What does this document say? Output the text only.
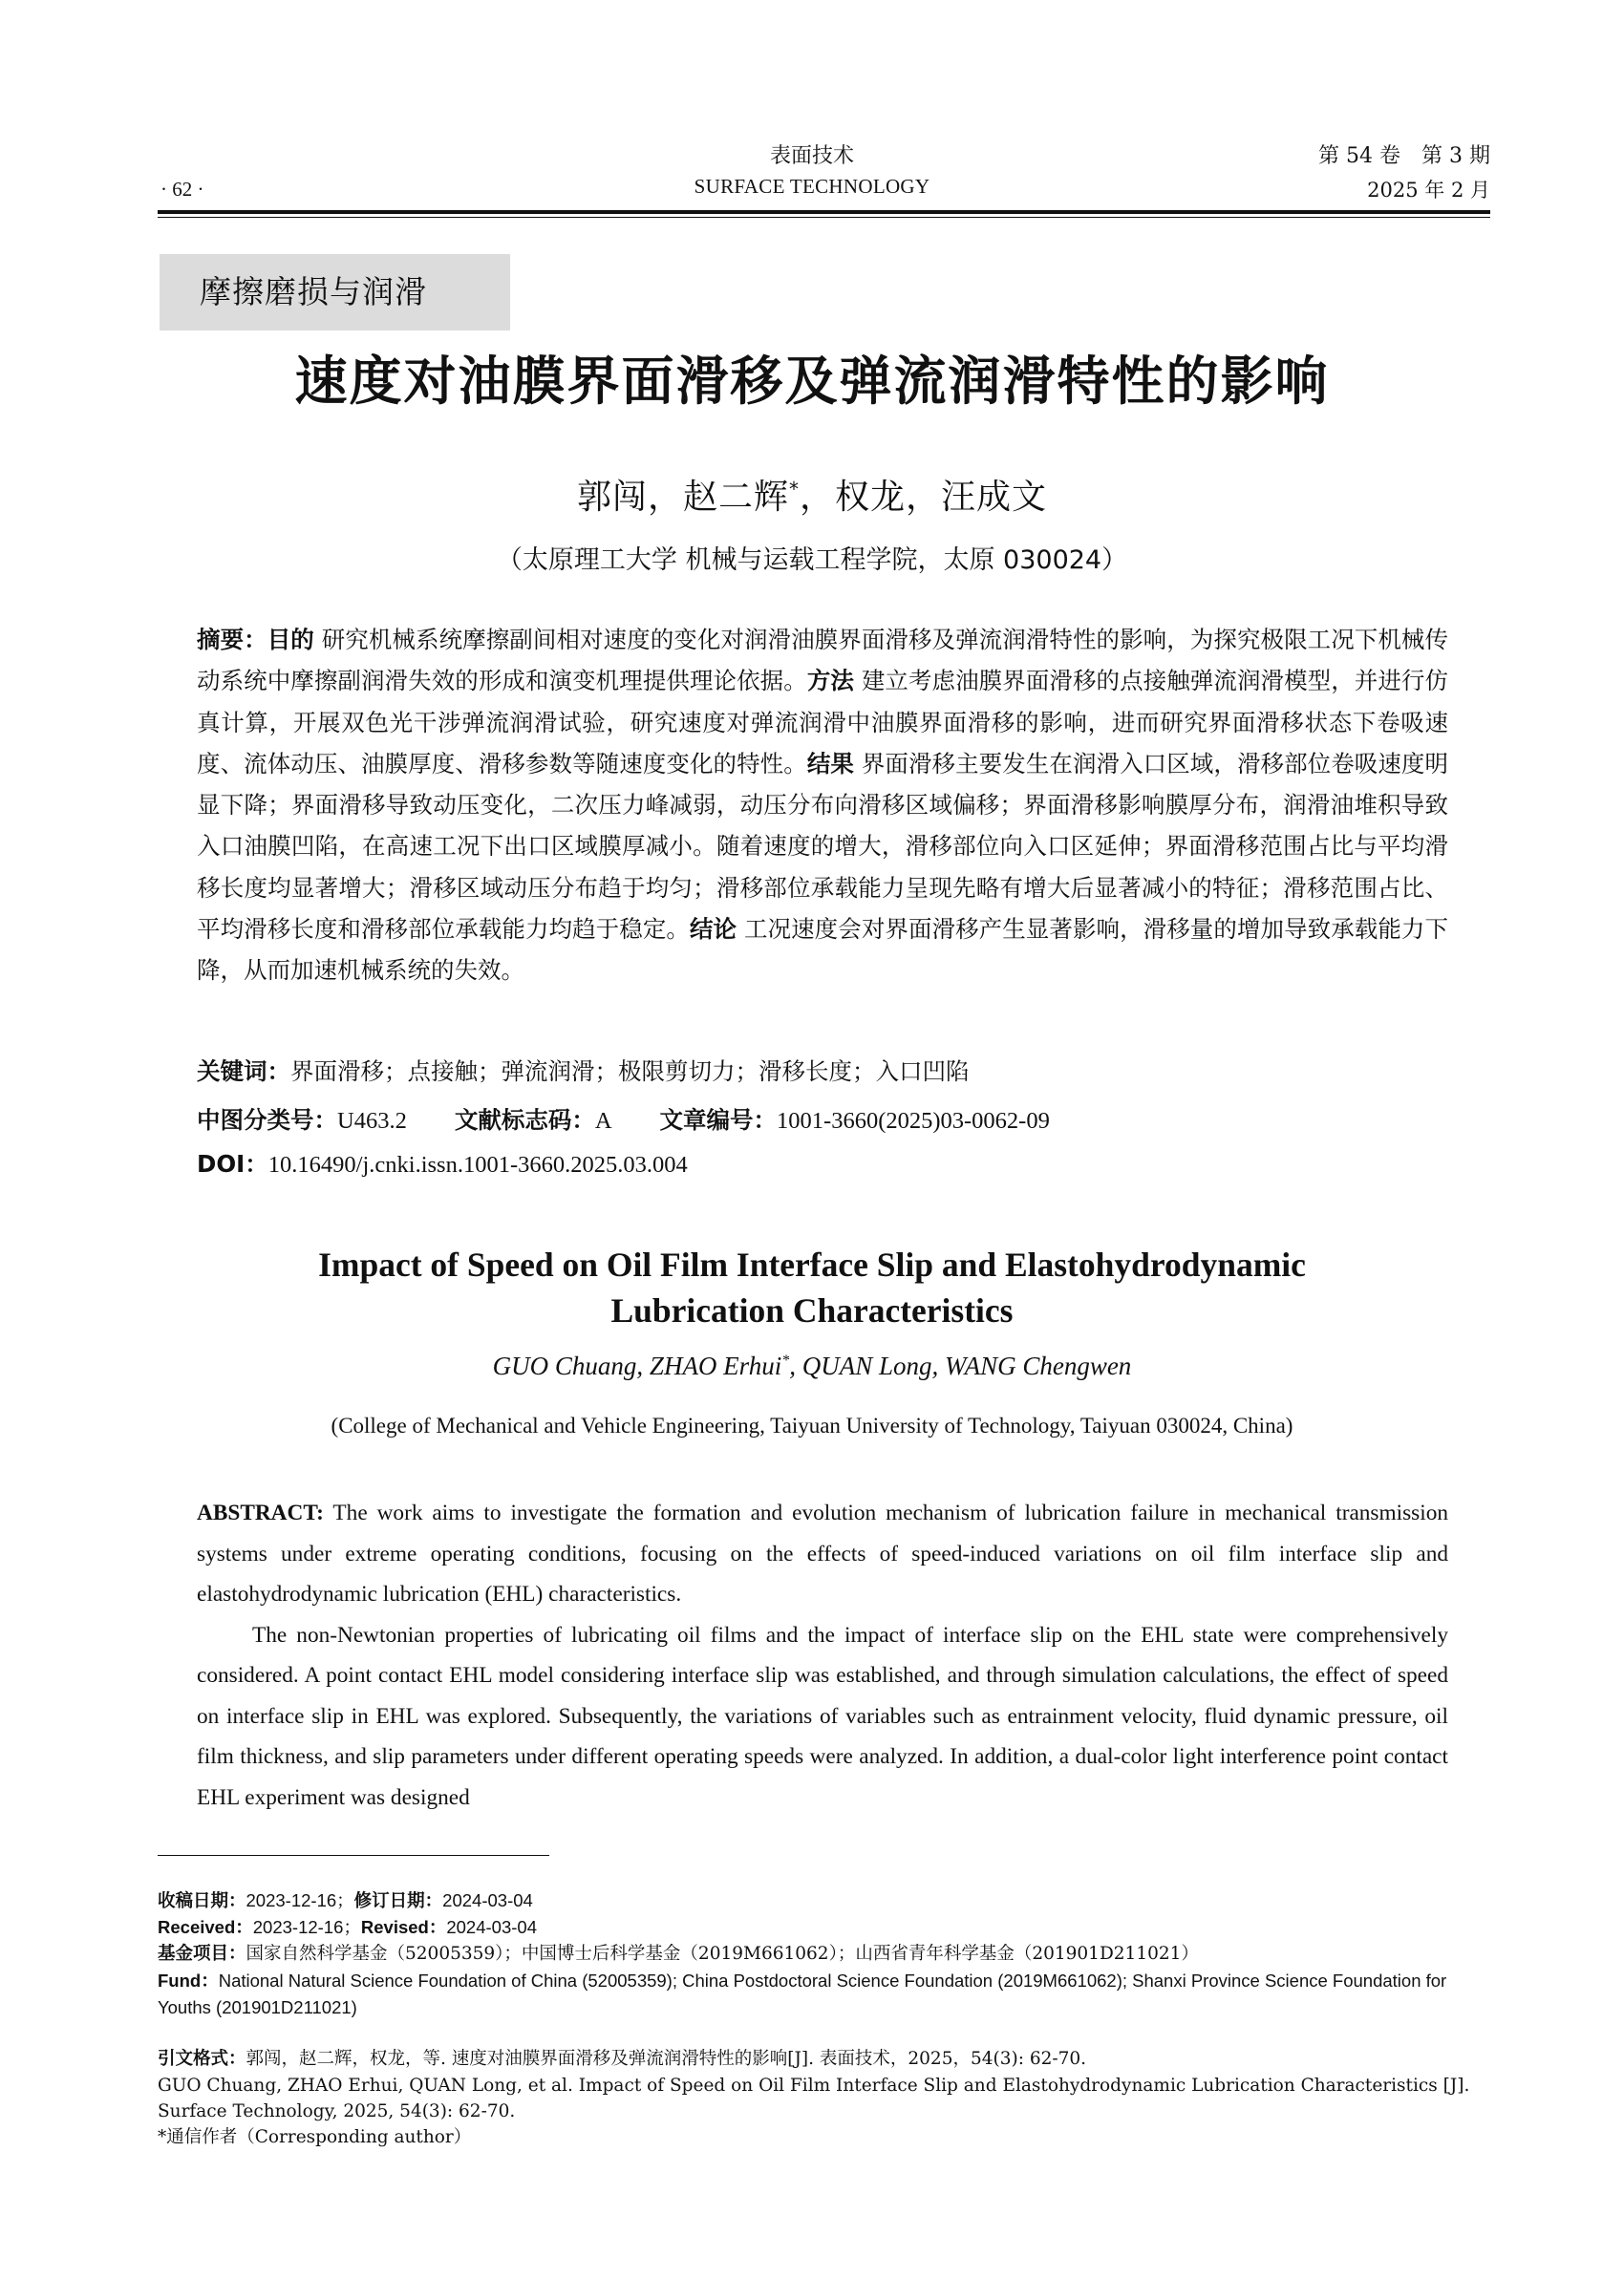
· 62 ·
表面技术
SURFACE TECHNOLOGY
第 54 卷　第 3 期
2025 年 2 月
摩擦磨损与润滑
速度对油膜界面滑移及弹流润滑特性的影响
郭闯，赵二辉*，权龙，汪成文
（太原理工大学 机械与运载工程学院，太原 030024）
摘要：目的 研究机械系统摩擦副间相对速度的变化对润滑油膜界面滑移及弹流润滑特性的影响，为探究极限工况下机械传动系统中摩擦副润滑失效的形成和演变机理提供理论依据。方法 建立考虑油膜界面滑移的点接触弹流润滑模型，并进行仿真计算，开展双色光干涉弹流润滑试验，研究速度对弹流润滑中油膜界面滑移的影响，进而研究界面滑移状态下卷吸速度、流体动压、油膜厚度、滑移参数等随速度变化的特性。结果 界面滑移主要发生在润滑入口区域，滑移部位卷吸速度明显下降；界面滑移导致动压变化，二次压力峰减弱，动压分布向滑移区域偏移；界面滑移影响膜厚分布，润滑油堆积导致入口油膜凹陷，在高速工况下出口区域膜厚减小。随着速度的增大，滑移部位向入口区延伸；界面滑移范围占比与平均滑移长度均显著增大；滑移区域动压分布趋于均匀；滑移部位承载能力呈现先略有增大后显著减小的特征；滑移范围占比、平均滑移长度和滑移部位承载能力均趋于稳定。结论 工况速度会对界面滑移产生显著影响，滑移量的增加导致承载能力下降，从而加速机械系统的失效。
关键词：界面滑移；点接触；弹流润滑；极限剪切力；滑移长度；入口凹陷
中图分类号：U463.2 文献标志码：A 文章编号：1001-3660(2025)03-0062-09
DOI：10.16490/j.cnki.issn.1001-3660.2025.03.004
Impact of Speed on Oil Film Interface Slip and Elastohydrodynamic
Lubrication Characteristics
GUO Chuang, ZHAO Erhui*, QUAN Long, WANG Chengwen
(College of Mechanical and Vehicle Engineering, Taiyuan University of Technology, Taiyuan 030024, China)

ABSTRACT: The work aims to investigate the formation and evolution mechanism of lubrication failure in mechanical transmission systems under extreme operating conditions, focusing on the effects of speed-induced variations on oil film interface slip and elastohydrodynamic lubrication (EHL) characteristics.

The non-Newtonian properties of lubricating oil films and the impact of interface slip on the EHL state were comprehensively considered. A point contact EHL model considering interface slip was established, and through simulation calculations, the effect of speed on interface slip in EHL was explored. Subsequently, the variations of variables such as entrainment velocity, fluid dynamic pressure, oil film thickness, and slip parameters under different operating speeds were analyzed. In addition, a dual-color light interference point contact EHL experiment was designed

收稿日期：2023-12-16；修订日期：2024-03-04
Received：2023-12-16；Revised：2024-03-04
基金项目：国家自然科学基金（52005359）；中国博士后科学基金（2019M661062）；山西省青年科学基金（201901D211021）
Fund：National Natural Science Foundation of China (52005359); China Postdoctoral Science Foundation (2019M661062); Shanxi Province Science Foundation for Youths (201901D211021)
引文格式：郭闯，赵二辉，权龙，等. 速度对油膜界面滑移及弹流润滑特性的影响[J]. 表面技术，2025，54(3): 62-70.
GUO Chuang, ZHAO Erhui, QUAN Long, et al. Impact of Speed on Oil Film Interface Slip and Elastohydrodynamic Lubrication Characteristics [J]. Surface Technology, 2025, 54(3): 62-70.
*通信作者（Corresponding author）
